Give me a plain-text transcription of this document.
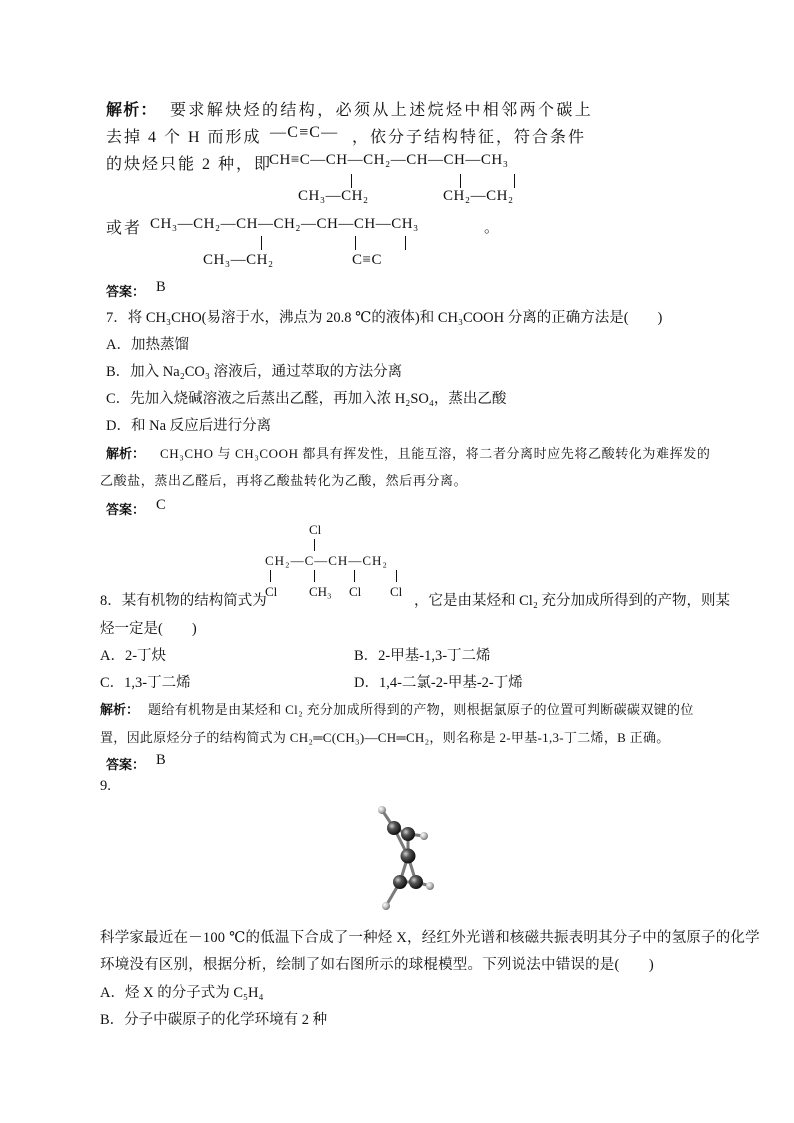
解析： 要求解炔烃的结构，必须从上述烷烃中相邻两个碳上
去掉 4 个 H 而形成 —C≡C— ，依分子结构特征，符合条件
的炔烃只能 2 种，即
CH≡C—CH—CH₂—CH—CH—CH₃
CH₃—CH₂	CH₂—CH₂
或者 CH₃—CH₂—CH—CH₂—CH—CH—CH₃	。
CH₃—CH₂	C≡C
答案： B
7．将 CH₃CHO(易溶于水，沸点为 20.8 ℃的液体)和 CH₃COOH 分离的正确方法是(　　)
A．加热蒸馏
B．加入 Na₂CO₃ 溶液后，通过萃取的方法分离
C．先加入烧碱溶液之后蒸出乙醛，再加入浓 H₂SO₄，蒸出乙酸
D．和 Na 反应后进行分离
解析： CH₃CHO 与 CH₃COOH 都具有挥发性，且能互溶，将二者分离时应先将乙酸转化为难挥发的
乙酸盐，蒸出乙醛后，再将乙酸盐转化为乙酸，然后再分离。
答案： C
Cl
CH₂—C—CH—CH₂
Cl CH₃ Cl Cl
8．某有机物的结构简式为	，它是由某烃和 Cl₂ 充分加成所得到的产物，则某
烃一定是(　　)
A．2-丁炔	B．2-甲基-1,3-丁二烯
C．1,3-丁二烯	D．1,4-二氯-2-甲基-2-丁烯
解析： 题给有机物是由某烃和 Cl₂ 充分加成所得到的产物，则根据氯原子的位置可判断碳碳双键的位
置，因此原烃分子的结构简式为 CH₂═C(CH₃)—CH═CH₂，则名称是 2-甲基-1,3-丁二烯，B 正确。
答案： B
9.
科学家最近在－100 ℃的低温下合成了一种烃 X，经红外光谱和核磁共振表明其分子中的氢原子的化学
环境没有区别，根据分析，绘制了如右图所示的球棍模型。下列说法中错误的是(　　)
A．烃 X 的分子式为 C₅H₄
B．分子中碳原子的化学环境有 2 种
